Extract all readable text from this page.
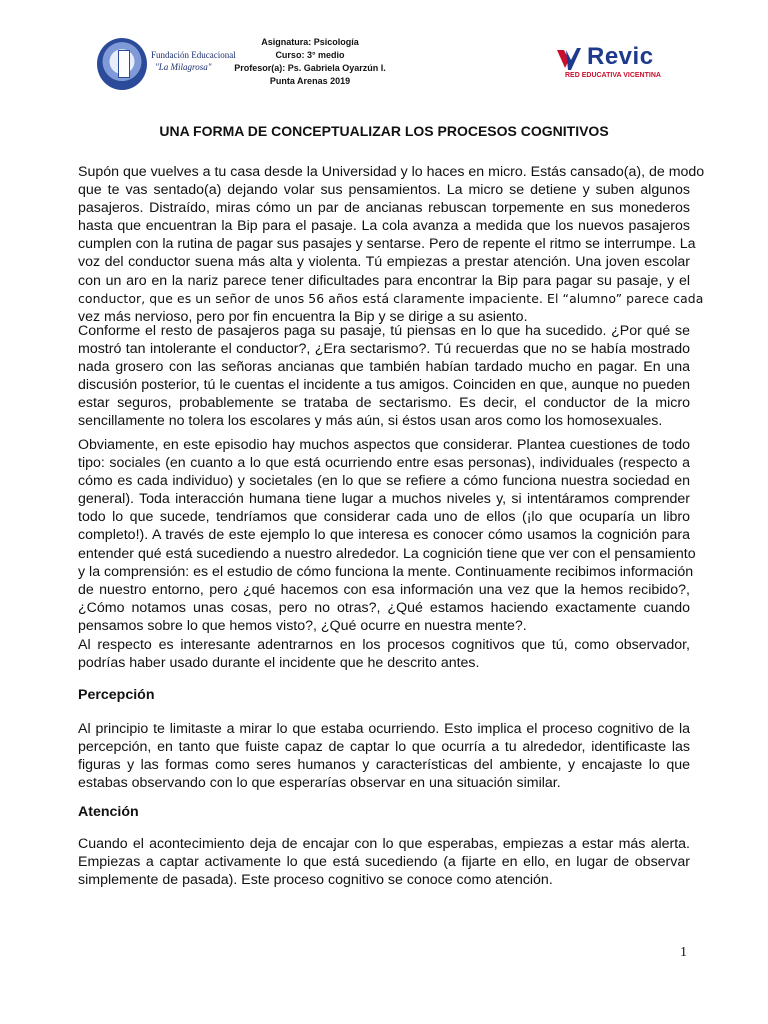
Fundación Educacional
"La Milagrosa"
Asignatura: Psicología
Curso: 3° medio
Profesor(a): Ps. Gabriela Oyarzún I.
Punta Arenas 2019
Revic
RED EDUCATIVA VICENTINA
UNA FORMA DE CONCEPTUALIZAR LOS PROCESOS COGNITIVOS
Supón que vuelves a tu casa desde la Universidad y lo haces en micro. Estás cansado(a), de modo
que te vas sentado(a) dejando volar sus pensamientos. La micro se detiene y suben algunos
pasajeros. Distraído, miras cómo un par de ancianas rebuscan torpemente en sus monederos
hasta que encuentran la Bip para el pasaje. La cola avanza a medida que los nuevos pasajeros
cumplen con la rutina de pagar sus pasajes y sentarse. Pero de repente el ritmo se interrumpe. La
voz del conductor suena más alta y violenta. Tú empiezas a prestar atención. Una joven escolar
con un aro en la nariz parece tener dificultades para encontrar la Bip para pagar su pasaje, y el
conductor, que es un señor de unos 56 años está claramente impaciente. El “alumno” parece cada
vez más nervioso, pero por fin encuentra la Bip y se dirige a su asiento.
Conforme el resto de pasajeros paga su pasaje, tú piensas en lo que ha sucedido. ¿Por qué se
mostró tan intolerante el conductor?, ¿Era sectarismo?. Tú recuerdas que no se había mostrado
nada grosero con las señoras ancianas que también habían tardado mucho en pagar. En una
discusión posterior, tú le cuentas el incidente a tus amigos. Coinciden en que, aunque no pueden
estar seguros, probablemente se trataba de sectarismo. Es decir, el conductor de la micro
sencillamente no tolera los escolares y más aún, si éstos usan aros como los homosexuales.
Obviamente, en este episodio hay muchos aspectos que considerar. Plantea cuestiones de todo
tipo: sociales (en cuanto a lo que está ocurriendo entre esas personas), individuales (respecto a
cómo es cada individuo) y societales (en lo que se refiere a cómo funciona nuestra sociedad en
general). Toda interacción humana tiene lugar a muchos niveles y, si intentáramos comprender
todo lo que sucede, tendríamos que considerar cada uno de ellos (¡lo que ocuparía un libro
completo!). A través de este ejemplo lo que interesa es conocer cómo usamos la cognición para
entender qué está sucediendo a nuestro alrededor. La cognición tiene que ver con el pensamiento
y la comprensión: es el estudio de cómo funciona la mente. Continuamente recibimos información
de nuestro entorno, pero ¿qué hacemos con esa información una vez que la hemos recibido?,
¿Cómo notamos unas cosas, pero no otras?, ¿Qué estamos haciendo exactamente cuando
pensamos sobre lo que hemos visto?, ¿Qué ocurre en nuestra mente?.
Al respecto es interesante adentrarnos en los procesos cognitivos que tú, como observador,
podrías haber usado durante el incidente que he descrito antes.
Percepción
Al principio te limitaste a mirar lo que estaba ocurriendo. Esto implica el proceso cognitivo de la
percepción, en tanto que fuiste capaz de captar lo que ocurría a tu alrededor, identificaste las
figuras y las formas como seres humanos y características del ambiente, y encajaste lo que
estabas observando con lo que esperarías observar en una situación similar.
Atención
Cuando el acontecimiento deja de encajar con lo que esperabas, empiezas a estar más alerta.
Empiezas a captar activamente lo que está sucediendo (a fijarte en ello, en lugar de observar
simplemente de pasada). Este proceso cognitivo se conoce como atención.
1
